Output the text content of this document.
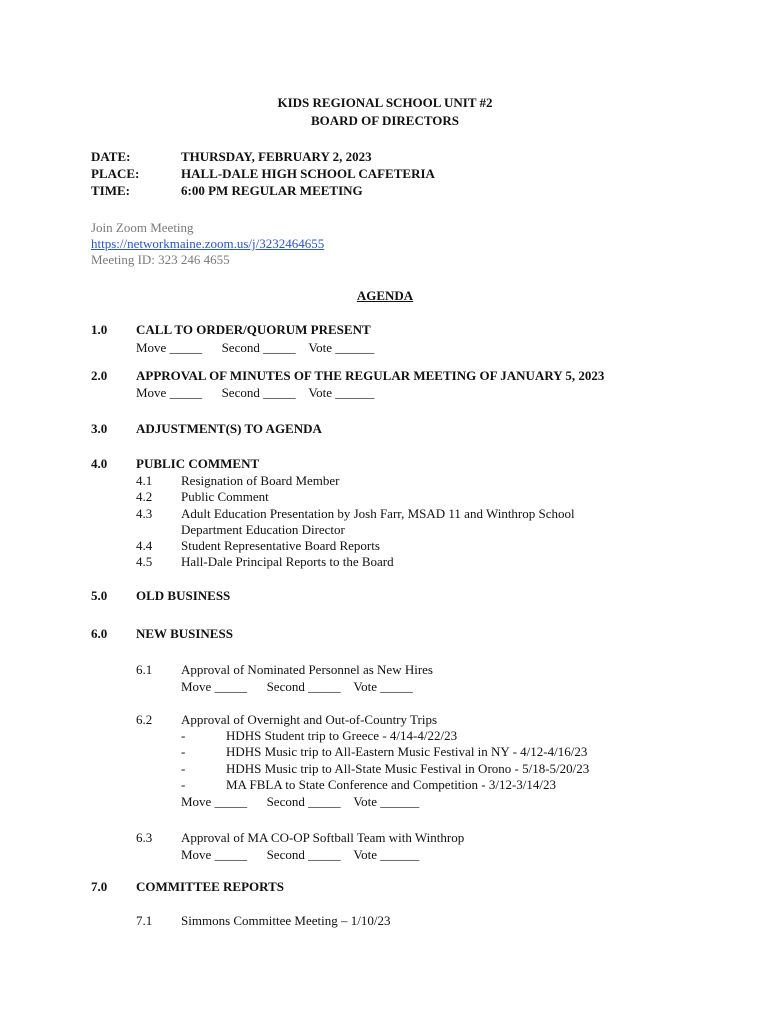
KIDS REGIONAL SCHOOL UNIT #2
BOARD OF DIRECTORS
DATE:	THURSDAY, FEBRUARY 2, 2023
PLACE:	HALL-DALE HIGH SCHOOL CAFETERIA
TIME:	6:00 PM REGULAR MEETING
Join Zoom Meeting
https://networkmaine.zoom.us/j/3232464655
Meeting ID: 323 246 4655
AGENDA
1.0 CALL TO ORDER/QUORUM PRESENT
Move _____      Second _____    Vote ______
2.0 APPROVAL OF MINUTES OF THE REGULAR MEETING OF JANUARY 5, 2023
Move _____      Second _____    Vote ______
3.0 ADJUSTMENT(S) TO AGENDA
4.0 PUBLIC COMMENT
4.1 Resignation of Board Member
4.2 Public Comment
4.3 Adult Education Presentation by Josh Farr, MSAD 11 and Winthrop School
Department Education Director
4.4 Student Representative Board Reports
4.5 Hall-Dale Principal Reports to the Board
5.0 OLD BUSINESS
6.0 NEW BUSINESS
6.1 Approval of Nominated Personnel as New Hires
Move _____      Second _____    Vote _____
6.2 Approval of Overnight and Out-of-Country Trips
-	HDHS Student trip to Greece - 4/14-4/22/23
-	HDHS Music trip to All-Eastern Music Festival in NY - 4/12-4/16/23
-	HDHS Music trip to All-State Music Festival in Orono - 5/18-5/20/23
-	MA FBLA to State Conference and Competition - 3/12-3/14/23
Move _____      Second _____    Vote ______
6.3 Approval of MA CO-OP Softball Team with Winthrop
Move _____      Second _____    Vote ______
7.0 COMMITTEE REPORTS
7.1 Simmons Committee Meeting – 1/10/23
